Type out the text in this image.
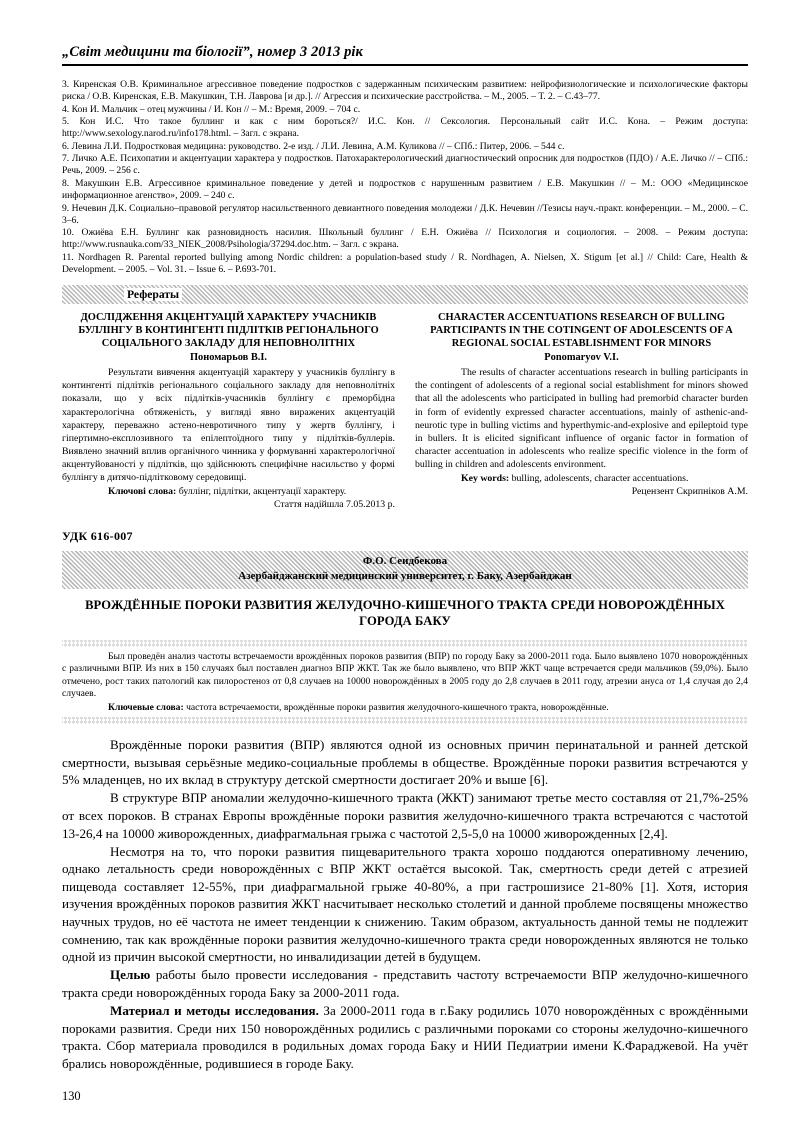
„Світ медицини та біології”, номер 3 2013 рік

3. Киренская О.В. Криминальное агрессивное поведение подростков с задержанным психическим развитием: нейрофизиологические и психологические факторы риска / О.В. Киренская, Е.В. Макушкин, Т.Н. Лаврова [и др.]. // Агрессия и психические расстройства. – М., 2005. – Т. 2. – С.43–77.

4. Кон И. Мальчик – отец мужчины / И. Кон // – М.: Время, 2009. – 704 с.

5. Кон И.С. Что такое буллинг и как с ним бороться?/ И.С. Кон. // Сексология. Персональный сайт И.С. Кона. – Режим доступа: http://www.sexology.narod.ru/info178.html. – Загл. с экрана.

6. Левина Л.И. Подростковая медицина: руководство. 2-е изд. / Л.И. Левина, А.М. Куликова // – СПб.: Питер, 2006. – 544 с.

7. Личко А.Е. Психопатии и акцентуации характера у подростков. Патохарактерологический диагностический опросник для подростков (ПДО) / А.Е. Личко // – СПб.: Речь, 2009. – 256 с.

8. Макушкин Е.В. Агрессивное криминальное поведение у детей и подростков с нарушенным развитием / Е.В. Макушкин // – М.: ООО «Медицинское информационное агенство», 2009. – 240 с.

9. Нечевин Д.К. Социально–правовой регулятор насильственного девиантного поведения молодежи / Д.К. Нечевин //Тезисы науч.-практ. конференции. – М., 2000. – С. 3–6.

10. Ожиёва Е.Н. Буллинг как разновидность насилия. Школьный буллинг / Е.Н. Ожиёва // Психология и социология. – 2008. – Режим доступа: http://www.rusnauka.com/33_NIEK_2008/Psihologia/37294.doc.htm. – Загл. с экрана.

11. Nordhagen R. Parental reported bullying among Nordic children: a population-based study / R. Nordhagen, A. Nielsen, X. Stigum [et al.] // Child: Care, Health & Development. – 2005. – Vol. 31. – Issue 6. – P.693-701.

Рефераты
ДОСЛІДЖЕННЯ АКЦЕНТУАЦІЙ ХАРАКТЕРУ УЧАСНИКІВ БУЛЛІНГУ В КОНТИНГЕНТІ ПІДЛІТКІВ РЕГІОНАЛЬНОГО СОЦІАЛЬНОГО ЗАКЛАДУ ДЛЯ НЕПОВНОЛІТНІХ
Пономарьов В.І.
Результати вивчення акцентуацій характеру у учасників буллінгу в контингенті підлітків регіонального соціального закладу для неповнолітніх показали, що у всіх підлітків-учасників буллінгу є преморбідна характерологічна обтяженість, у вигляді явно виражених акцентуацій характеру, переважно астено-невротичного типу у жертв буллінгу, і гіпертимно-експлозивного та епілептоїдного типу у підлітків-буллерів. Виявлено значний вплив органічного чинника у формуванні характерологічної акцентуйованості у підлітків, що здійснюють специфічне насильство у формі буллінгу в дитячо-підлітковому середовищі.
Ключові слова: буллінг, підлітки, акцентуації характеру.
Стаття надійшла 7.05.2013 р.
CHARACTER ACCENTUATIONS RESEARCH OF BULLING PARTICIPANTS IN THE COTINGENT OF ADOLESCENTS OF A REGIONAL SOCIAL ESTABLISHMENT FOR MINORS
Ponomaryov V.I.
The results of character accentuations research in bulling participants in the contingent of adolescents of a regional social establishment for minors showed that all the adolescents who participated in bulling had premorbid character burden in form of evidently expressed character accentuations, mainly of asthenic-and-neurotic type in bulling victims and hyperthymic-and-explosive and epileptoid type in bullers. It is elicited significant influence of organic factor in formation of character accentuation in adolescents who realize specific violence in the form of bulling in children and adolescents environment.
Key words: bulling, adolescents, character accentuations.
Рецензент Скрипніков А.М.
УДК 616-007
Ф.О. Сеидбекова
Азербайджанский медицинский университет, г. Баку, Азербайджан
ВРОЖДЁННЫЕ ПОРОКИ РАЗВИТИЯ ЖЕЛУДОЧНО-КИШЕЧНОГО ТРАКТА СРЕДИ НОВОРОЖДЁННЫХ ГОРОДА БАКУ

Был проведён анализ частоты встречаемости врождённых пороков развития (ВПР) по городу Баку за 2000-2011 года. Было выявлено 1070 новорождённых с различными ВПР. Из них в 150 случаях был поставлен диагноз ВПР ЖКТ. Так же было выявлено, что ВПР ЖКТ чаще встречается среди мальчиков (59,0%). Было отмечено, рост таких патологий как пилоростеноз от 0,8 случаев на 10000 новорождённых в 2005 году до 2,8 случаев в 2011 году, атрезии ануса от 1,4 случая до 2,4 случаев.

Ключевые слова: частота встречаемости, врождённые пороки развития желудочного-кишечного тракта, новорождённые.

Врождённые пороки развития (ВПР) являются одной из основных причин перинатальной и ранней детской смертности, вызывая серьёзные медико-социальные проблемы в обществе. Врождённые пороки развития встречаются у 5% младенцев, но их вклад в структуру детской смертности достигает 20% и выше [6].

В структуре ВПР аномалии желудочно-кишечного тракта (ЖКТ) занимают третье место составляя от 21,7%-25% от всех пороков. В странах Европы врождённые пороки развития желудочно-кишечного тракта встречаются с частотой 13-26,4 на 10000 живорожденных, диафрагмальная грыжа с частотой 2,5-5,0 на 10000 живорожденных [2,4].

Несмотря на то, что пороки развития пищеварительного тракта хорошо поддаются оперативному лечению, однако летальность среди новорождённых с ВПР ЖКТ остаётся высокой. Так, смертность среди детей с атрезией пищевода составляет 12-55%, при диафрагмальной грыже 40-80%, а при гастрошизисе 21-80% [1]. Хотя, история изучения врождённых пороков развития ЖКТ насчитывает несколько столетий и данной проблеме посвящены множество научных трудов, но её частота не имеет тенденции к снижению. Таким образом, актуальность данной темы не подлежит сомнению, так как врождённые пороки развития желудочно-кишечного тракта среди новорожденных являются не только одной из причин высокой смертности, но инвалидизации детей в будущем.

Целью работы было провести исследования - представить частоту встречаемости ВПР желудочно-кишечного тракта среди новорождённых города Баку за 2000-2011 года.

Материал и методы исследования. За 2000-2011 года в г.Баку родились 1070 новорождённых с врождёнными пороками развития. Среди них 150 новорождённых родились с различными пороками со стороны желудочно-кишечного тракта. Сбор материала проводился в родильных домах города Баку и НИИ Педиатрии имени К.Фараджевой. На учёт брались новорождённые, родившиеся в городе Баку.

130
